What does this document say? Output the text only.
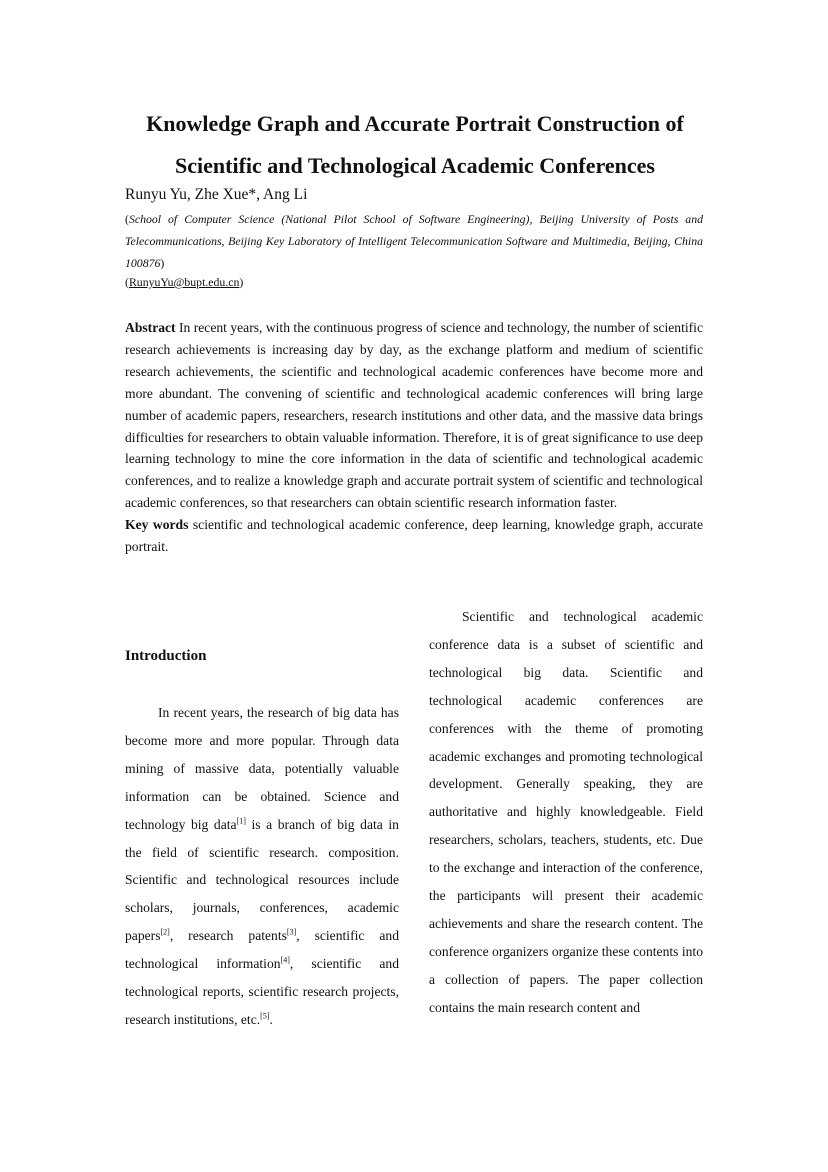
Knowledge Graph and Accurate Portrait Construction of
Scientific and Technological Academic Conferences
Runyu Yu, Zhe Xue*, Ang Li
(School of Computer Science (National Pilot School of Software Engineering), Beijing University of Posts and Telecommunications, Beijing Key Laboratory of Intelligent Telecommunication Software and Multimedia, Beijing, China 100876)
(RunyuYu@bupt.edu.cn)
Abstract In recent years, with the continuous progress of science and technology, the number of scientific research achievements is increasing day by day, as the exchange platform and medium of scientific research achievements, the scientific and technological academic conferences have become more and more abundant. The convening of scientific and technological academic conferences will bring large number of academic papers, researchers, research institutions and other data, and the massive data brings difficulties for researchers to obtain valuable information. Therefore, it is of great significance to use deep learning technology to mine the core information in the data of scientific and technological academic conferences, and to realize a knowledge graph and accurate portrait system of scientific and technological academic conferences, so that researchers can obtain scientific research information faster.
Key words scientific and technological academic conference, deep learning, knowledge graph, accurate portrait.
Introduction
In recent years, the research of big data has become more and more popular. Through data mining of massive data, potentially valuable information can be obtained. Science and technology big data[1] is a branch of big data in the field of scientific research. composition. Scientific and technological resources include scholars, journals, conferences, academic papers[2], research patents[3], scientific and technological information[4], scientific and technological reports, scientific research projects, research institutions, etc.[5].
Scientific and technological academic conference data is a subset of scientific and technological big data. Scientific and technological academic conferences are conferences with the theme of promoting academic exchanges and promoting technological development. Generally speaking, they are authoritative and highly knowledgeable. Field researchers, scholars, teachers, students, etc. Due to the exchange and interaction of the conference, the participants will present their academic achievements and share the research content. The conference organizers organize these contents into a collection of papers. The paper collection contains the main research content and
